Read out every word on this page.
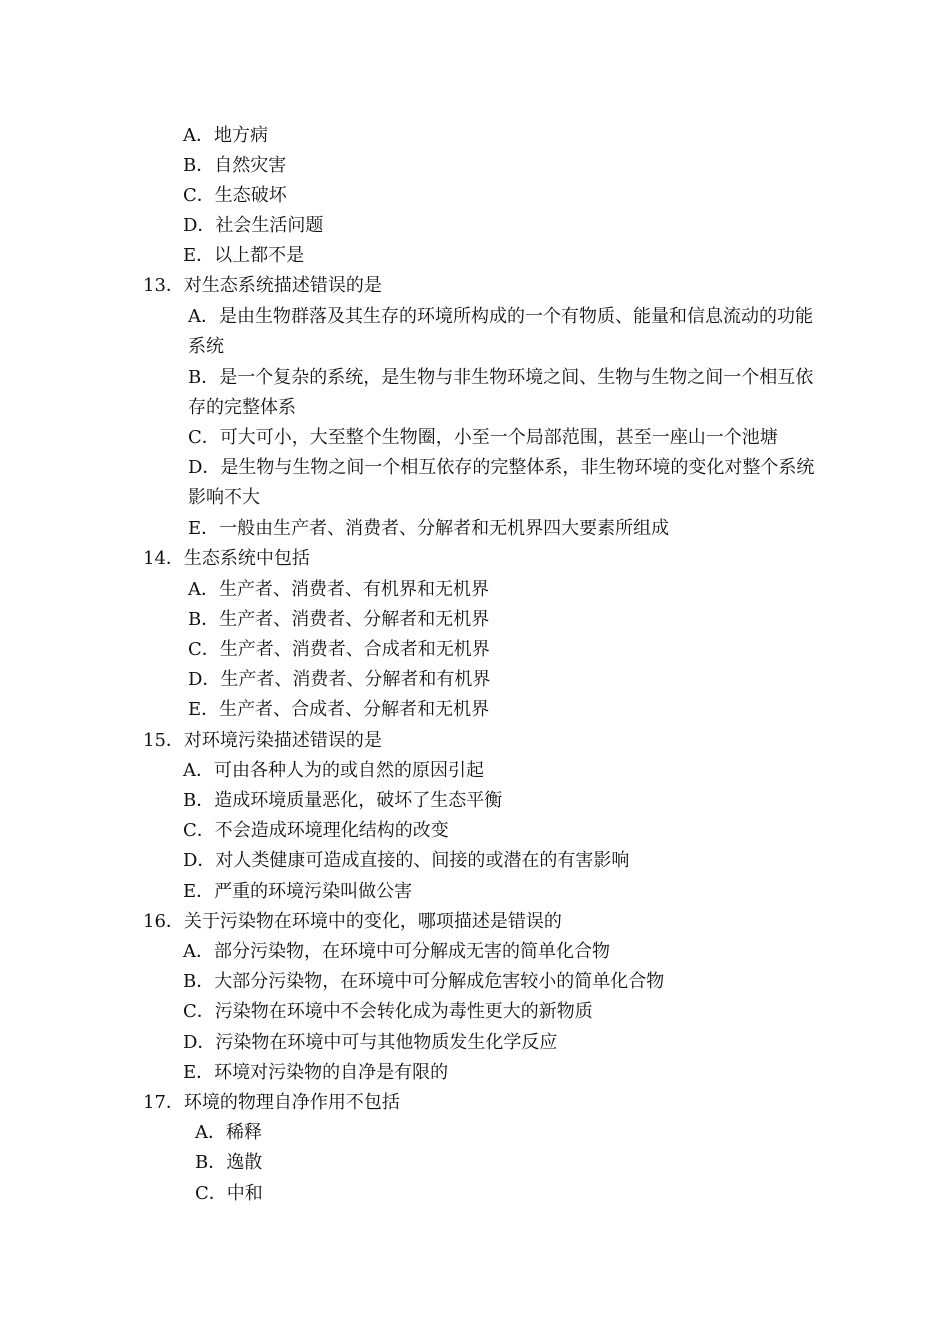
A．地方病
B．自然灾害
C．生态破坏
D．社会生活问题
E．以上都不是
13．对生态系统描述错误的是
A．是由生物群落及其生存的环境所构成的一个有物质、能量和信息流动的功能系统
B．是一个复杂的系统，是生物与非生物环境之间、生物与生物之间一个相互依存的完整体系
C．可大可小，大至整个生物圈，小至一个局部范围，甚至一座山一个池塘
D．是生物与生物之间一个相互依存的完整体系，非生物环境的变化对整个系统影响不大
E．一般由生产者、消费者、分解者和无机界四大要素所组成
14．生态系统中包括
A．生产者、消费者、有机界和无机界
B．生产者、消费者、分解者和无机界
C．生产者、消费者、合成者和无机界
D．生产者、消费者、分解者和有机界
E．生产者、合成者、分解者和无机界
15．对环境污染描述错误的是
A．可由各种人为的或自然的原因引起
B．造成环境质量恶化，破坏了生态平衡
C．不会造成环境理化结构的改变
D．对人类健康可造成直接的、间接的或潜在的有害影响
E．严重的环境污染叫做公害
16．关于污染物在环境中的变化，哪项描述是错误的
A．部分污染物，在环境中可分解成无害的简单化合物
B．大部分污染物，在环境中可分解成危害较小的简单化合物
C．污染物在环境中不会转化成为毒性更大的新物质
D．污染物在环境中可与其他物质发生化学反应
E．环境对污染物的自净是有限的
17．环境的物理自净作用不包括
A．稀释
B．逸散
C．中和
